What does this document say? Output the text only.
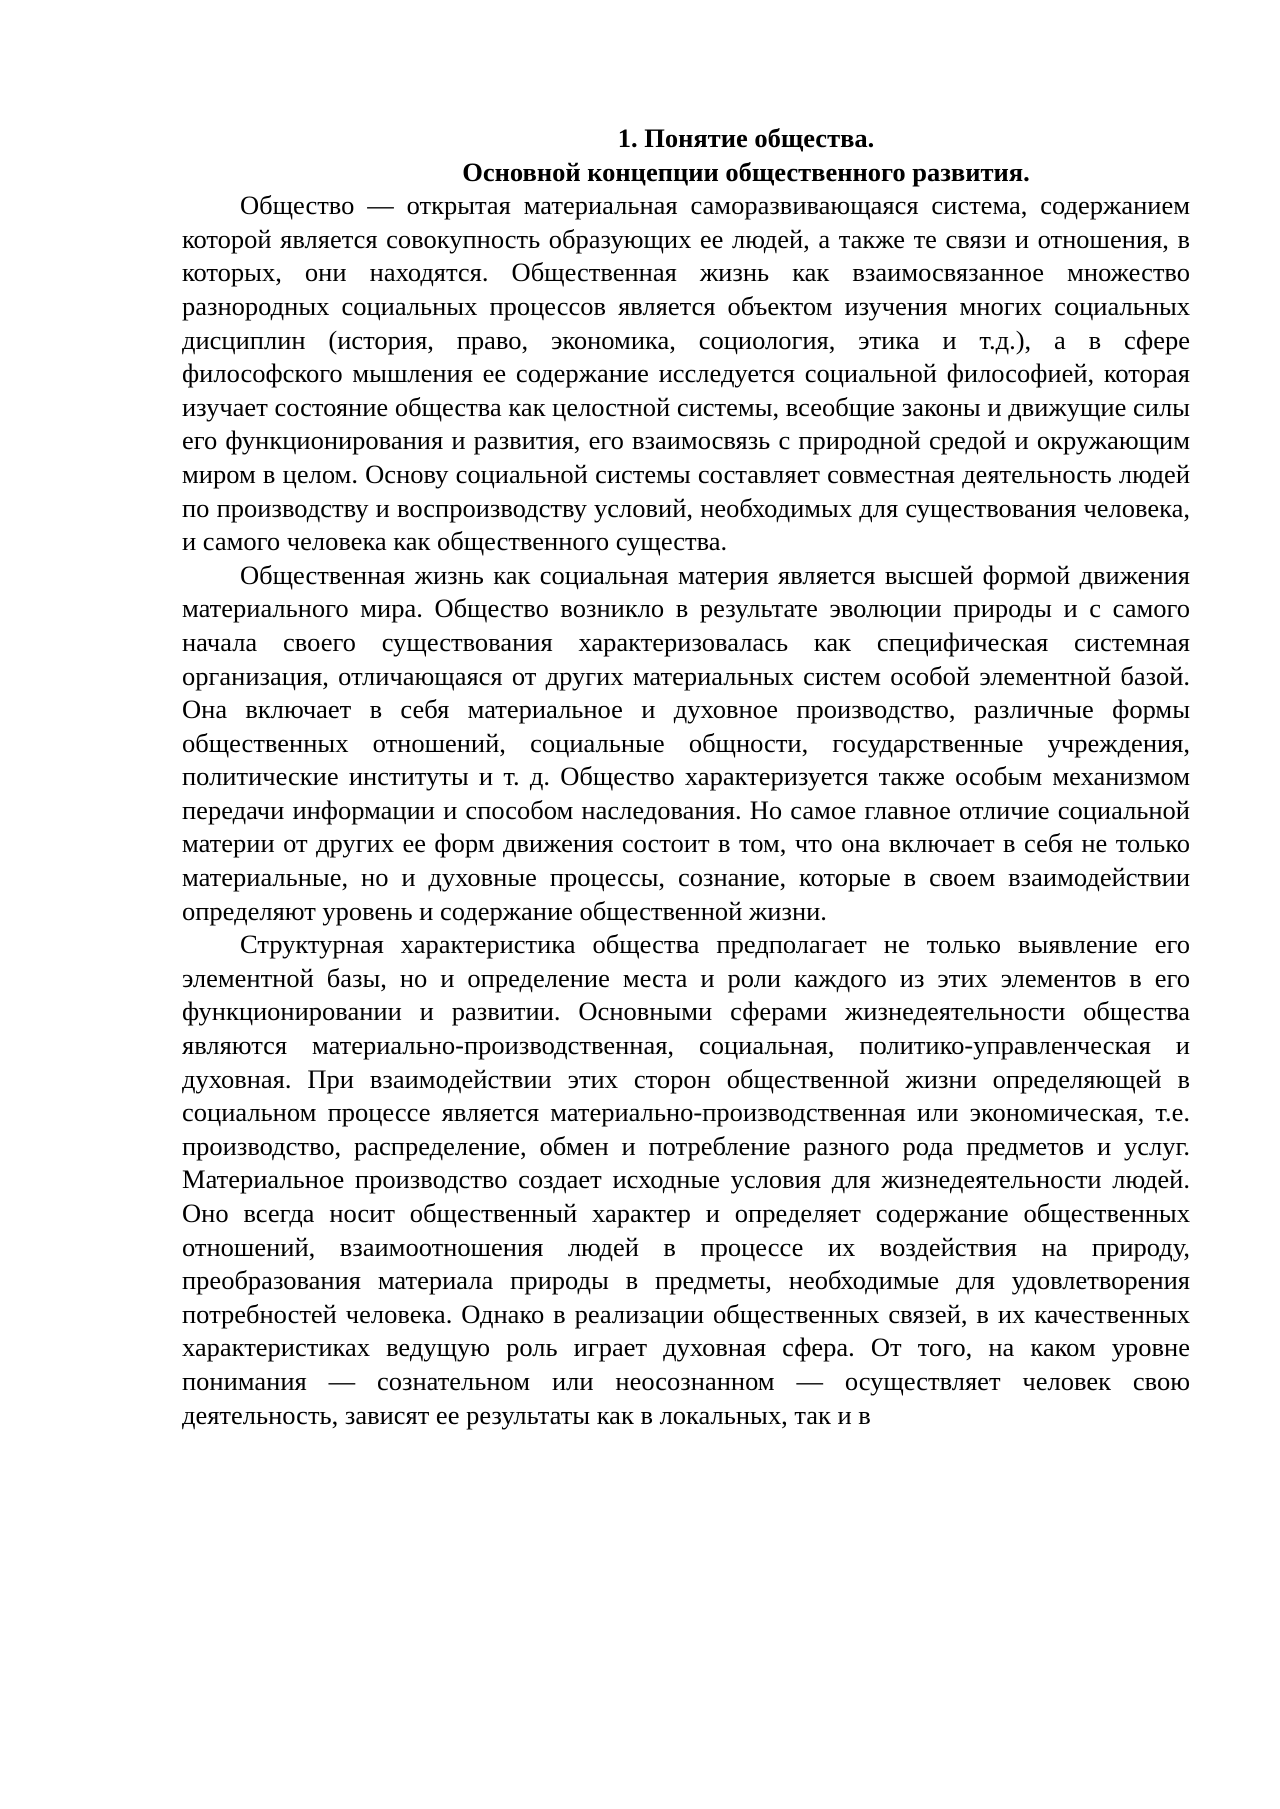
1. Понятие общества.

Основной концепции общественного развития.

Общество — открытая материальная саморазвивающаяся система, содержанием которой является совокупность образующих ее людей, а также те связи и отношения, в которых, они находятся. Общественная жизнь как взаимосвязанное множество разнородных социальных процессов является объектом изучения многих социальных дисциплин (история, право, экономика, социология, этика и т.д.), а в сфере философского мышления ее содержание исследуется социальной философией, которая изучает состояние общества как целостной системы, всеобщие законы и движущие силы его функционирования и развития, его взаимосвязь с природной средой и окружающим миром в целом. Основу социальной системы составляет совместная деятельность людей по производству и воспроизводству условий, необходимых для существования человека, и самого человека как общественного существа.

Общественная жизнь как социальная материя является высшей формой движения материального мира. Общество возникло в результате эволюции природы и с самого начала своего существования характеризовалась как специфическая системная организация, отличающаяся от других материальных систем особой элементной базой. Она включает в себя материальное и духовное производство, различные формы общественных отношений, социальные общности, государственные учреждения, политические институты и т. д. Общество характеризуется также особым механизмом передачи информации и способом наследования. Но самое главное отличие социальной материи от других ее форм движения состоит в том, что она включает в себя не только материальные, но и духовные процессы, сознание, которые в своем взаимодействии определяют уровень и содержание общественной жизни.

Структурная характеристика общества предполагает не только выявление его элементной базы, но и определение места и роли каждого из этих элементов в его функционировании и развитии. Основными сферами жизнедеятельности общества являются материально-производственная, социальная, политико-управленческая и духовная. При взаимодействии этих сторон общественной жизни определяющей в социальном процессе является материально-производственная или экономическая, т.е. производство, распределение, обмен и потребление разного рода предметов и услуг. Материальное производство создает исходные условия для жизнедеятельности людей. Оно всегда носит общественный характер и определяет содержание общественных отношений, взаимоотношения людей в процессе их воздействия на природу, преобразования материала природы в предметы, необходимые для удовлетворения потребностей человека. Однако в реализации общественных связей, в их качественных характеристиках ведущую роль играет духовная сфера. От того, на каком уровне понимания — сознательном или неосознанном — осуществляет человек свою деятельность, зависят ее результаты как в локальных, так и в
